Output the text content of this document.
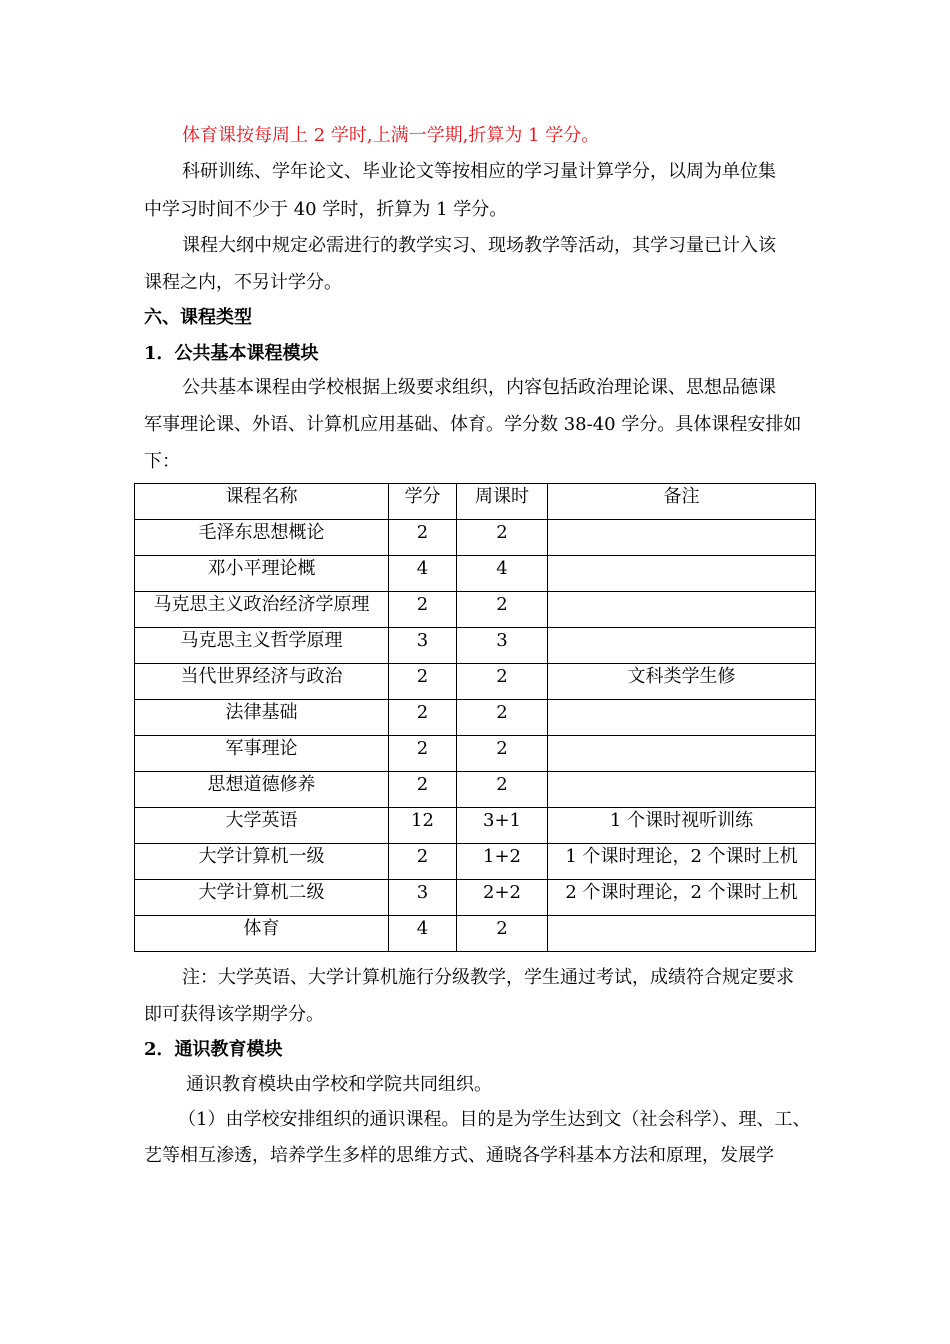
体育课按每周上 2 学时,上满一学期,折算为 1 学分。
科研训练、学年论文、毕业论文等按相应的学习量计算学分，以周为单位集
中学习时间不少于 40 学时，折算为 1 学分。
课程大纲中规定必需进行的教学实习、现场教学等活动，其学习量已计入该
课程之内，不另计学分。
六、课程类型
1．公共基本课程模块
公共基本课程由学校根据上级要求组织，内容包括政治理论课、思想品德课
军事理论课、外语、计算机应用基础、体育。学分数 38-40 学分。具体课程安排如
下：
课程名称	学分	周课时	备注
毛泽东思想概论	2	2	
邓小平理论概	4	4	
马克思主义政治经济学原理	2	2	
马克思主义哲学原理	3	3	
当代世界经济与政治	2	2	文科类学生修
法律基础	2	2	
军事理论	2	2	
思想道德修养	2	2	
大学英语	12	3+1	1 个课时视听训练
大学计算机一级	2	1+2	1 个课时理论，2 个课时上机
大学计算机二级	3	2+2	2 个课时理论，2 个课时上机
体育	4	2	
注：大学英语、大学计算机施行分级教学，学生通过考试，成绩符合规定要求
即可获得该学期学分。
2．通识教育模块
通识教育模块由学校和学院共同组织。
（1）由学校安排组织的通识课程。目的是为学生达到文（社会科学）、理、工、
艺等相互渗透，培养学生多样的思维方式、通晓各学科基本方法和原理，发展学
